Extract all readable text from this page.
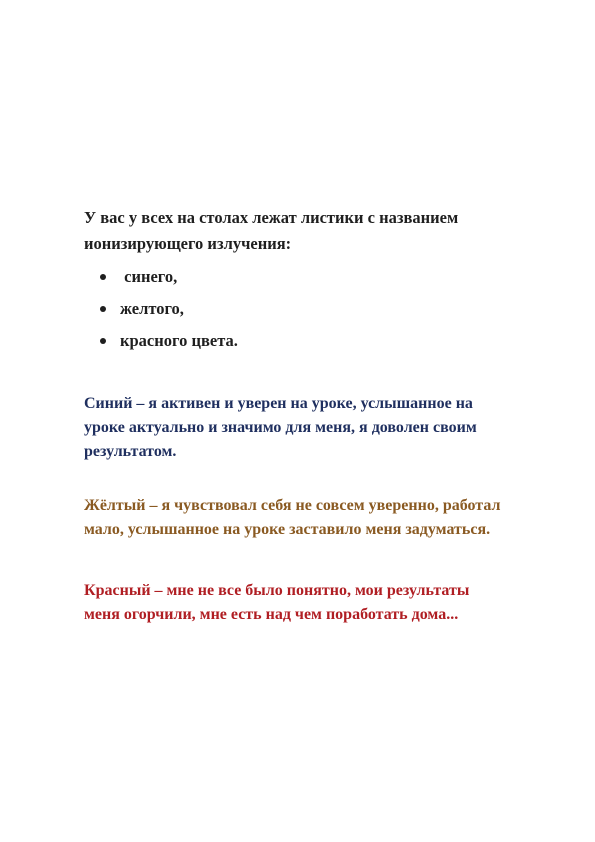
У вас у всех на столах лежат листики с названием
ионизирующего излучения:

синего,
желтого,
красного цвета.

Синий – я активен и уверен на уроке, услышанное на
уроке актуально и значимо для меня, я доволен своим
результатом.

Жёлтый – я чувствовал себя не совсем уверенно, работал
мало, услышанное на уроке заставило меня задуматься.

Красный – мне не все было понятно, мои результаты
меня огорчили, мне есть над чем поработать дома...
